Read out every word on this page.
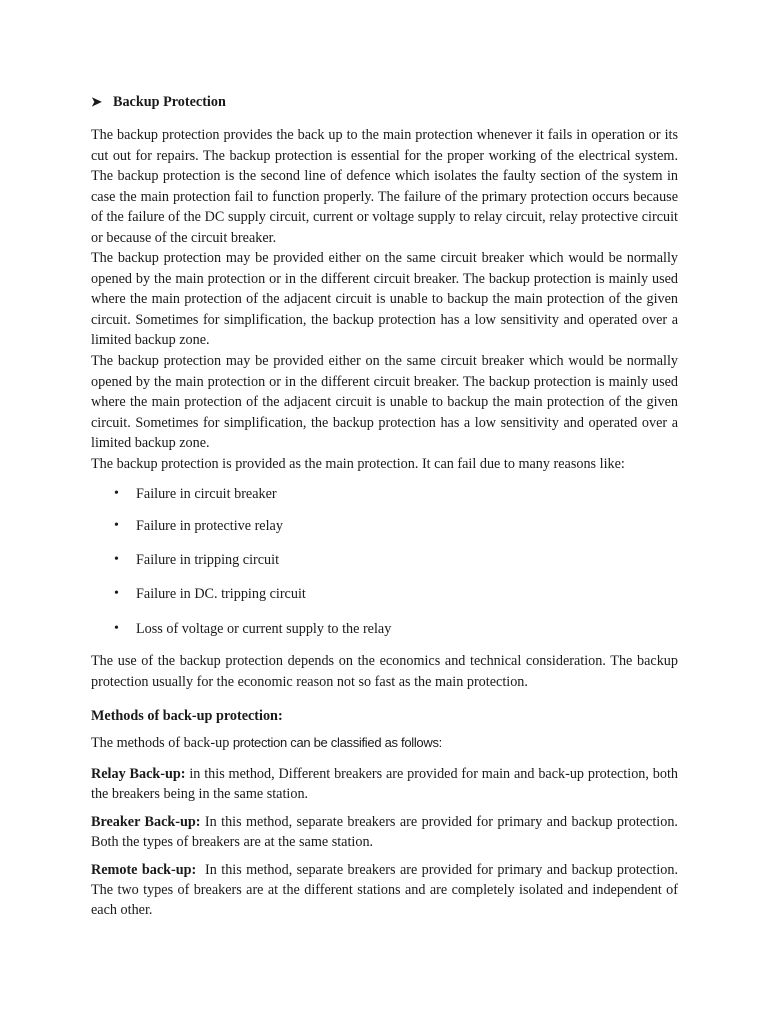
➤ Backup Protection

The backup protection provides the back up to the main protection whenever it fails in operation or its cut out for repairs. The backup protection is essential for the proper working of the electrical system. The backup protection is the second line of defence which isolates the faulty section of the system in case the main protection fail to function properly. The failure of the primary protection occurs because of the failure of the DC supply circuit, current or voltage supply to relay circuit, relay protective circuit or because of the circuit breaker.

The backup protection may be provided either on the same circuit breaker which would be normally opened by the main protection or in the different circuit breaker. The backup protection is mainly used where the main protection of the adjacent circuit is unable to backup the main protection of the given circuit. Sometimes for simplification, the backup protection has a low sensitivity and operated over a limited backup zone.

The backup protection may be provided either on the same circuit breaker which would be normally opened by the main protection or in the different circuit breaker. The backup protection is mainly used where the main protection of the adjacent circuit is unable to backup the main protection of the given circuit. Sometimes for simplification, the backup protection has a low sensitivity and operated over a limited backup zone.

The backup protection is provided as the main protection. It can fail due to many reasons like:

• Failure in circuit breaker
• Failure in protective relay
• Failure in tripping circuit
• Failure in DC. tripping circuit
• Loss of voltage or current supply to the relay

The use of the backup protection depends on the economics and technical consideration. The backup protection usually for the economic reason not so fast as the main protection.

Methods of back-up protection:
The methods of back-up protection can be classified as follows:

Relay Back-up: in this method, Different breakers are provided for main and back-up protection, both the breakers being in the same station.

Breaker Back-up: In this method, separate breakers are provided for primary and backup protection. Both the types of breakers are at the same station.

Remote back-up:  In this method, separate breakers are provided for primary and backup protection. The two types of breakers are at the different stations and are completely isolated and independent of each other.
